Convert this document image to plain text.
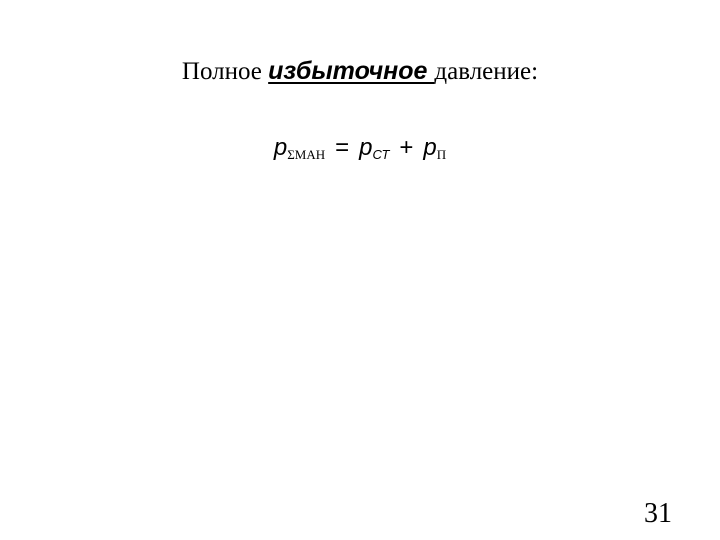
Полное избыточное давление:
$p_{\Sigma МАН}$ = pСТ + $p_П$
31
